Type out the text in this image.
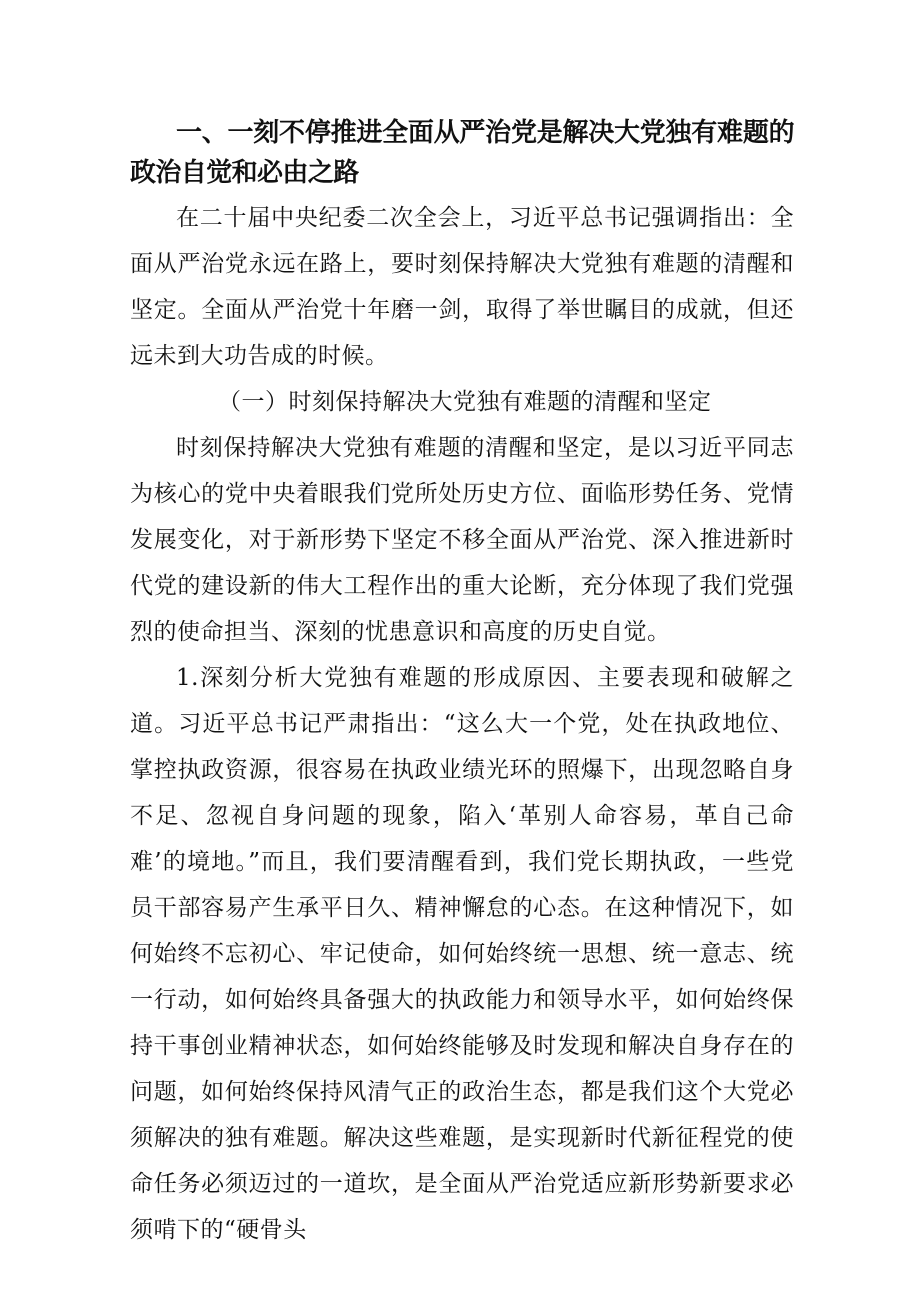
一、一刻不停推进全面从严治党是解决大党独有难题的政治自觉和必由之路

在二十届中央纪委二次全会上，习近平总书记强调指出：全面从严治党永远在路上，要时刻保持解决大党独有难题的清醒和坚定。全面从严治党十年磨一剑，取得了举世瞩目的成就，但还远未到大功告成的时候。

（一）时刻保持解决大党独有难题的清醒和坚定

时刻保持解决大党独有难题的清醒和坚定，是以习近平同志为核心的党中央着眼我们党所处历史方位、面临形势任务、党情发展变化，对于新形势下坚定不移全面从严治党、深入推进新时代党的建设新的伟大工程作出的重大论断，充分体现了我们党强烈的使命担当、深刻的忧患意识和高度的历史自觉。

1.深刻分析大党独有难题的形成原因、主要表现和破解之道。习近平总书记严肃指出：“这么大一个党，处在执政地位、掌控执政资源，很容易在执政业绩光环的照爆下，出现忽略自身不足、忽视自身问题的现象，陷入‘革别人命容易，革自己命难’的境地。”而且，我们要清醒看到，我们党长期执政，一些党员干部容易产生承平日久、精神懈怠的心态。在这种情况下，如何始终不忘初心、牢记使命，如何始终统一思想、统一意志、统一行动，如何始终具备强大的执政能力和领导水平，如何始终保持干事创业精神状态，如何始终能够及时发现和解决自身存在的问题，如何始终保持风清气正的政治生态，都是我们这个大党必须解决的独有难题。解决这些难题，是实现新时代新征程党的使命任务必须迈过的一道坎，是全面从严治党适应新形势新要求必须啃下的“硬骨头
